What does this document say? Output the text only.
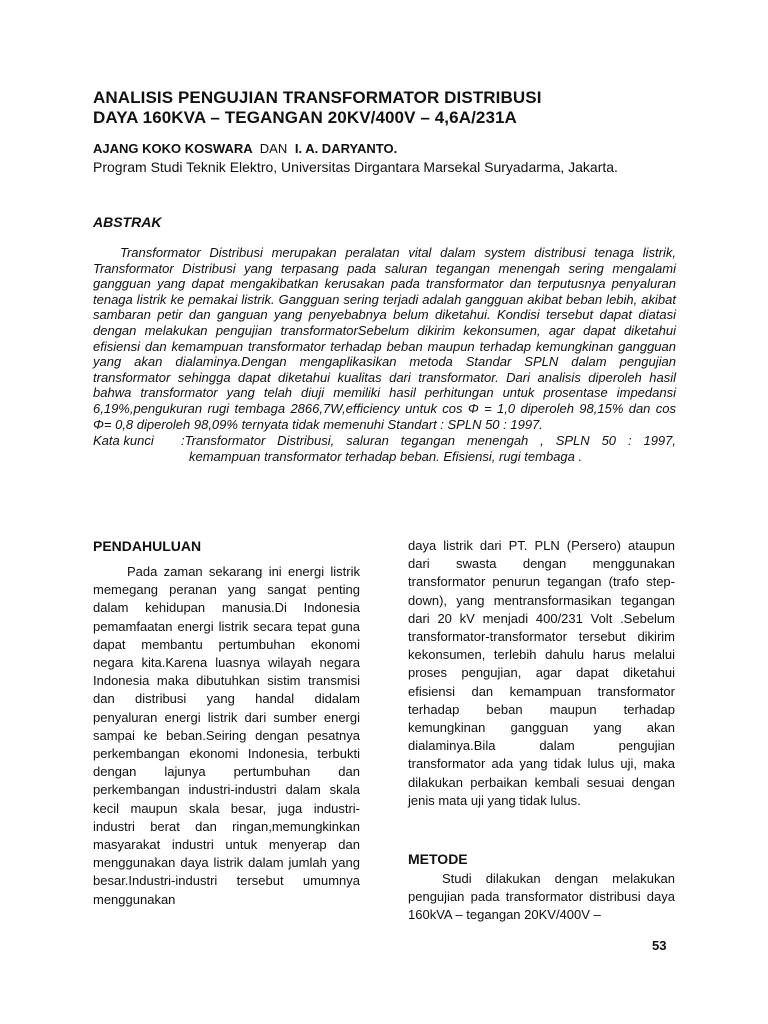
ANALISIS PENGUJIAN TRANSFORMATOR DISTRIBUSI
DAYA 160KVA – TEGANGAN 20KV/400V – 4,6A/231A
AJANG KOKO KOSWARA DAN I. A. DARYANTO.
Program Studi Teknik Elektro, Universitas Dirgantara Marsekal Suryadarma, Jakarta.
ABSTRAK

Transformator Distribusi merupakan peralatan vital dalam system distribusi tenaga listrik, Transformator Distribusi yang terpasang pada saluran tegangan menengah sering mengalami gangguan yang dapat mengakibatkan kerusakan pada transformator dan terputusnya penyaluran tenaga listrik ke pemakai listrik. Gangguan sering terjadi adalah gangguan akibat beban lebih, akibat sambaran petir dan ganguan yang penyebabnya belum diketahui. Kondisi tersebut dapat diatasi dengan melakukan pengujian transformatorSebelum dikirim kekonsumen, agar dapat diketahui efisiensi dan kemampuan transformator terhadap beban maupun terhadap kemungkinan gangguan yang akan dialaminya.Dengan mengaplikasikan metoda Standar SPLN dalam pengujian transformator sehingga dapat diketahui kualitas dari transformator. Dari analisis diperoleh hasil bahwa transformator yang telah diuji memiliki hasil perhitungan untuk prosentase impedansi 6,19%,pengukuran rugi tembaga 2866,7W,efficiency untuk cos Φ = 1,0 diperoleh 98,15% dan cos Φ= 0,8 diperoleh 98,09% ternyata tidak memenuhi Standart : SPLN 50 : 1997.

Kata kunci	:Transformator Distribusi, saluran tegangan menengah , SPLN 50 : 1997, kemampuan transformator terhadap beban. Efisiensi, rugi tembaga .
PENDAHULUAN

Pada zaman sekarang ini energi listrik memegang peranan yang sangat penting dalam kehidupan manusia.Di Indonesia pemamfaatan energi listrik secara tepat guna dapat membantu pertumbuhan ekonomi negara kita.Karena luasnya wilayah negara Indonesia maka dibutuhkan sistim transmisi dan distribusi yang handal didalam penyaluran energi listrik dari sumber energi sampai ke beban.Seiring dengan pesatnya perkembangan ekonomi Indonesia, terbukti dengan lajunya pertumbuhan dan perkembangan industri-industri dalam skala kecil maupun skala besar, juga industri-industri berat dan ringan,memungkinkan masyarakat industri untuk menyerap dan menggunakan daya listrik dalam jumlah yang besar.Industri-industri tersebut umumnya menggunakan

daya listrik dari PT. PLN (Persero) ataupun dari swasta dengan menggunakan transformator penurun tegangan (trafo step-down), yang mentransformasikan tegangan dari 20 kV menjadi 400/231 Volt .Sebelum transformator-transformator tersebut dikirim kekonsumen, terlebih dahulu harus melalui proses pengujian, agar dapat diketahui efisiensi dan kemampuan transformator terhadap beban maupun terhadap kemungkinan gangguan yang akan dialaminya.Bila dalam pengujian transformator ada yang tidak lulus uji, maka dilakukan perbaikan kembali sesuai dengan jenis mata uji yang tidak lulus.

METODE

Studi dilakukan dengan melakukan pengujian pada transformator distribusi daya 160kVA – tegangan 20KV/400V –

53
